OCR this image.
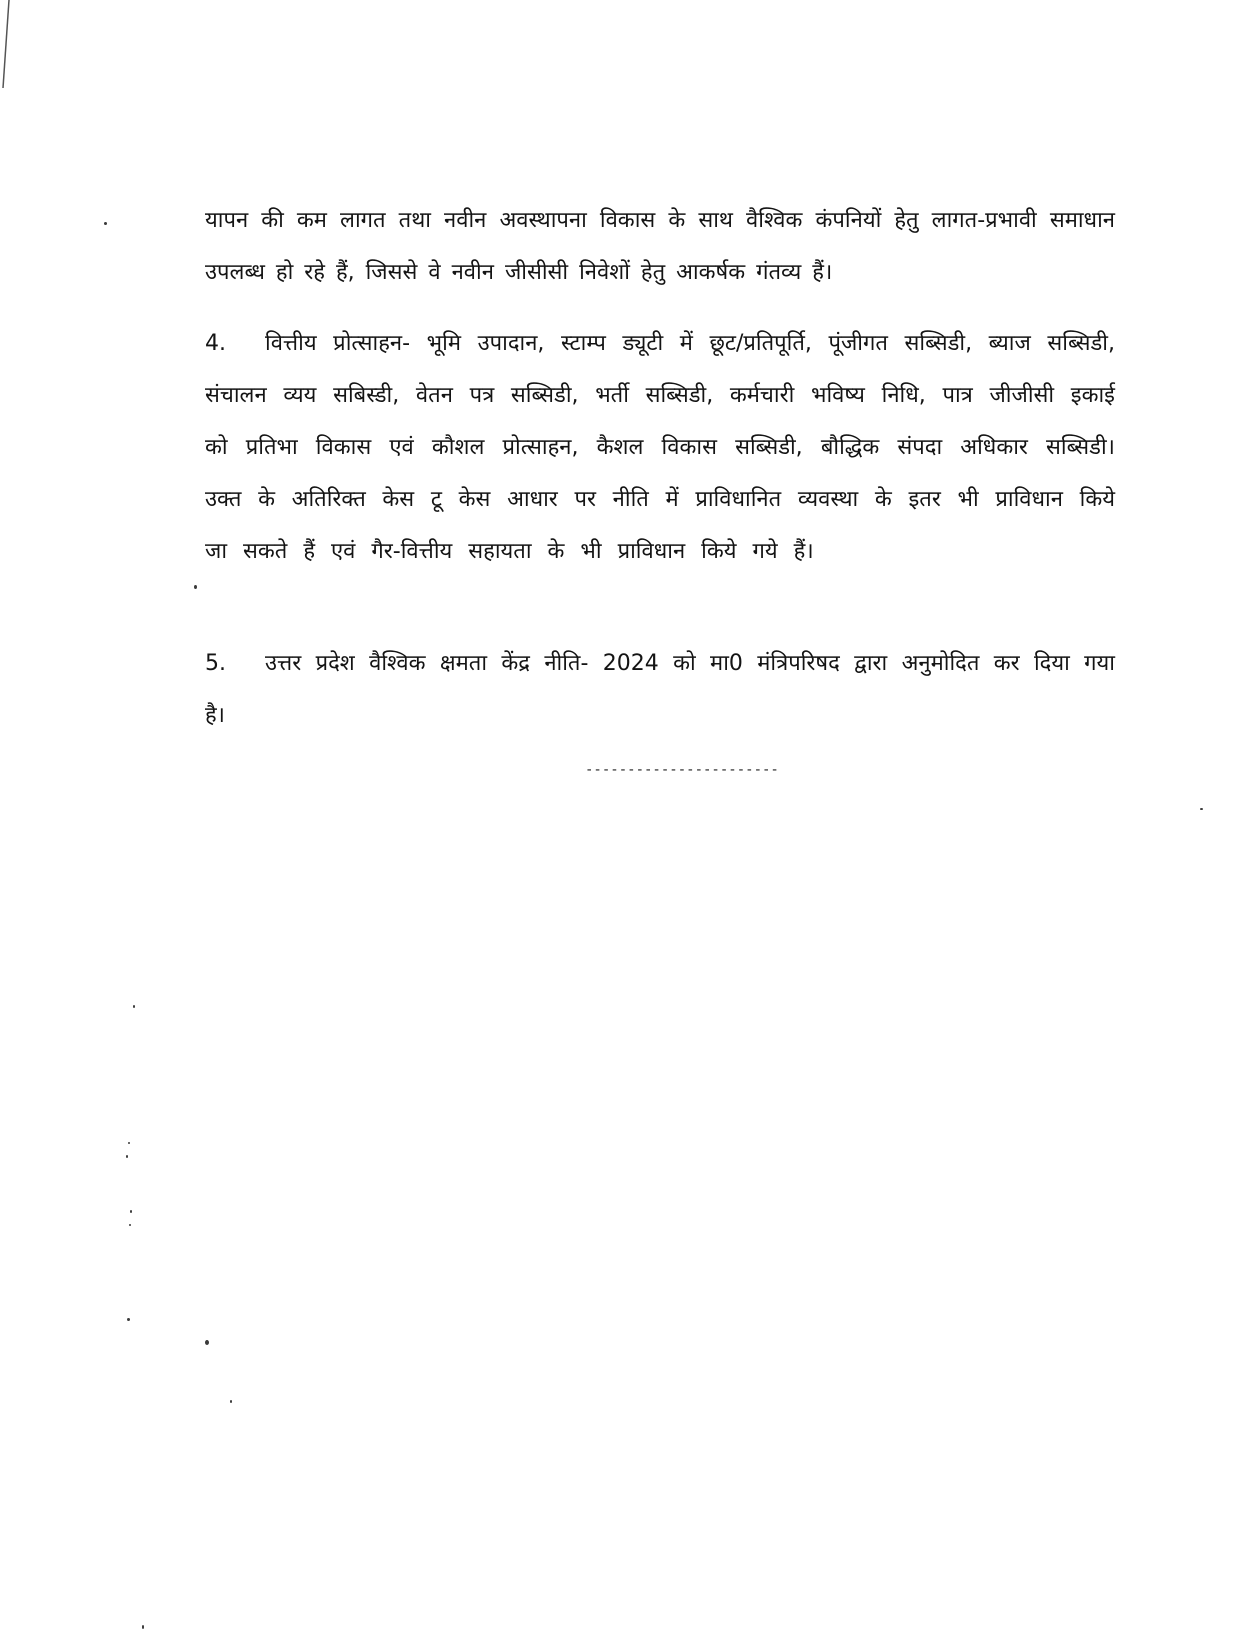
यापन की कम लागत तथा नवीन अवस्थापना विकास के साथ वैश्विक कंपनियों हेतु लागत-प्रभावी समाधान उपलब्ध हो रहे हैं, जिससे वे नवीन जीसीसी निवेशों हेतु आकर्षक गंतव्य हैं।

4. वित्तीय प्रोत्साहन- भूमि उपादान, स्टाम्प ड्यूटी में छूट/प्रतिपूर्ति, पूंजीगत सब्सिडी, ब्याज सब्सिडी, संचालन व्यय सबिस्डी, वेतन पत्र सब्सिडी, भर्ती सब्सिडी, कर्मचारी भविष्य निधि, पात्र जीजीसी इकाई को प्रतिभा विकास एवं कौशल प्रोत्साहन, कैशल विकास सब्सिडी, बौद्धिक संपदा अधिकार सब्सिडी। उक्त के अतिरिक्त केस टू केस आधार पर नीति में प्राविधानित व्यवस्था के इतर भी प्राविधान किये जा सकते हैं एवं गैर-वित्तीय सहायता के भी प्राविधान किये गये हैं।

5. उत्तर प्रदेश वैश्विक क्षमता केंद्र नीति- 2024 को मा0 मंत्रिपरिषद द्वारा अनुमोदित कर दिया गया है।

-----------------------
